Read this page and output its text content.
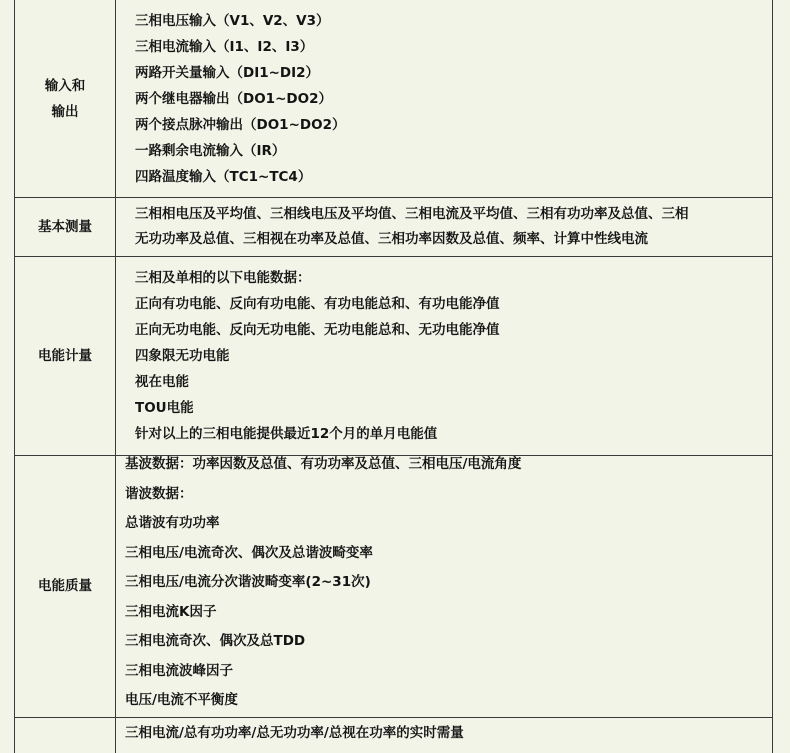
输入和
输出
三相电压输入（V1、V2、V3）
三相电流输入（I1、I2、I3）
两路开关量输入（DI1~DI2）
两个继电器输出（DO1~DO2）
两个接点脉冲输出（DO1~DO2）
一路剩余电流输入（IR）
四路温度输入（TC1~TC4）
基本测量
三相相电压及平均值、三相线电压及平均值、三相电流及平均值、三相有功功率及总值、三相
无功功率及总值、三相视在功率及总值、三相功率因数及总值、频率、计算中性线电流
电能计量
三相及单相的以下电能数据：
正向有功电能、反向有功电能、有功电能总和、有功电能净值
正向无功电能、反向无功电能、无功电能总和、无功电能净值
四象限无功电能
视在电能
TOU电能
针对以上的三相电能提供最近12个月的单月电能值
电能质量
基波数据：功率因数及总值、有功功率及总值、三相电压/电流角度
谐波数据：
总谐波有功功率
三相电压/电流奇次、偶次及总谐波畸变率
三相电压/电流分次谐波畸变率(2~31次)
三相电流K因子
三相电流奇次、偶次及总TDD
三相电流波峰因子
电压/电流不平衡度
三相电流/总有功功率/总无功功率/总视在功率的实时需量
